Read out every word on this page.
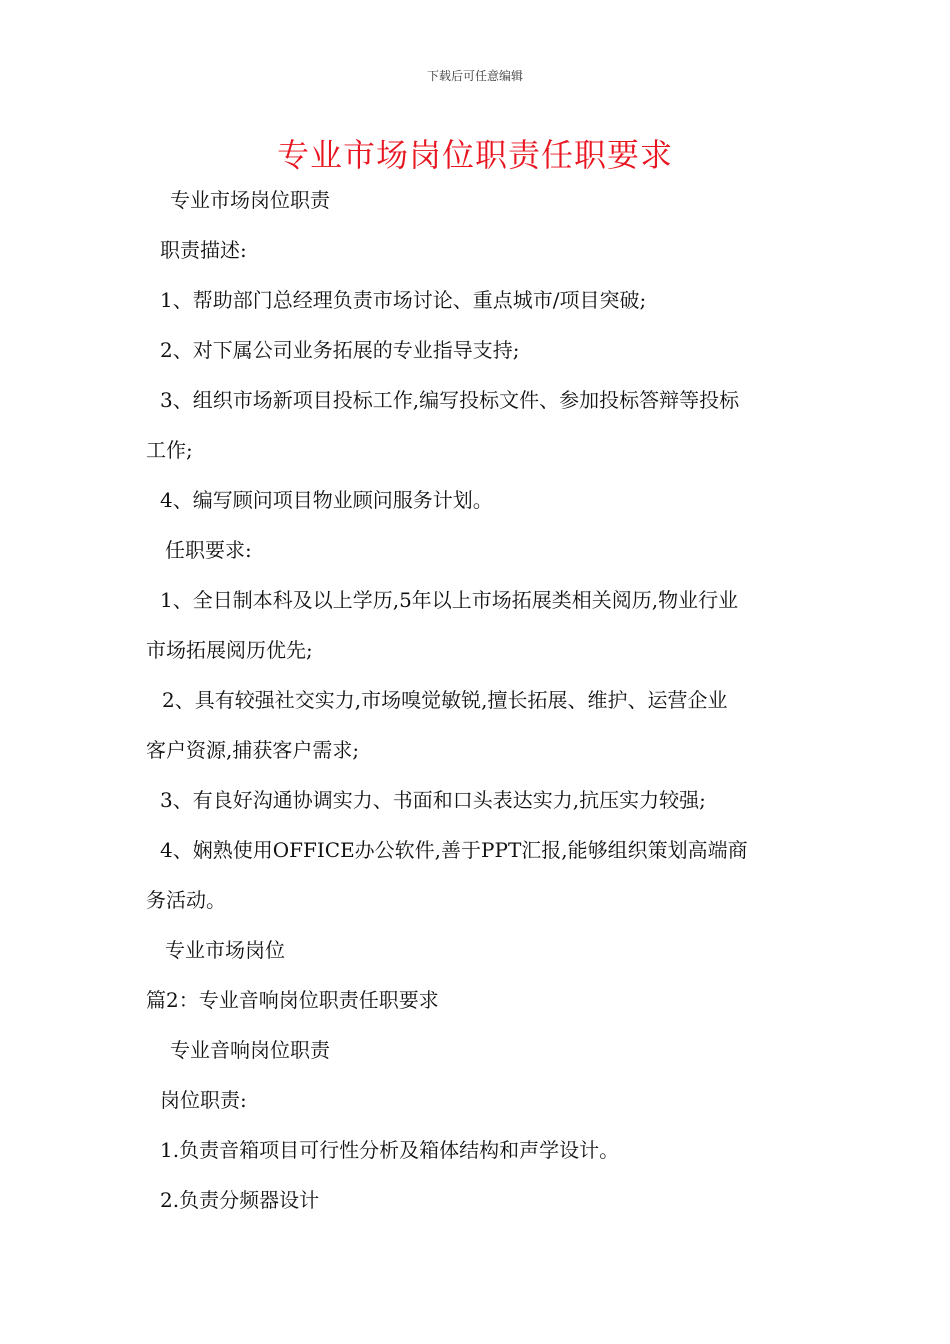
下载后可任意编辑
专业市场岗位职责任职要求
专业市场岗位职责
职责描述:
1、帮助部门总经理负责市场讨论、重点城市/项目突破;
2、对下属公司业务拓展的专业指导支持;
3、组织市场新项目投标工作,编写投标文件、参加投标答辩等投标
工作;
4、编写顾问项目物业顾问服务计划。
任职要求:
1、全日制本科及以上学历,5年以上市场拓展类相关阅历,物业行业
市场拓展阅历优先;
2、具有较强社交实力,市场嗅觉敏锐,擅长拓展、维护、运营企业
客户资源,捕获客户需求;
3、有良好沟通协调实力、书面和口头表达实力,抗压实力较强;
4、娴熟使用OFFICE办公软件,善于PPT汇报,能够组织策划高端商
务活动。
专业市场岗位
篇2：专业音响岗位职责任职要求
专业音响岗位职责
岗位职责:
1.负责音箱项目可行性分析及箱体结构和声学设计。
2.负责分频器设计
